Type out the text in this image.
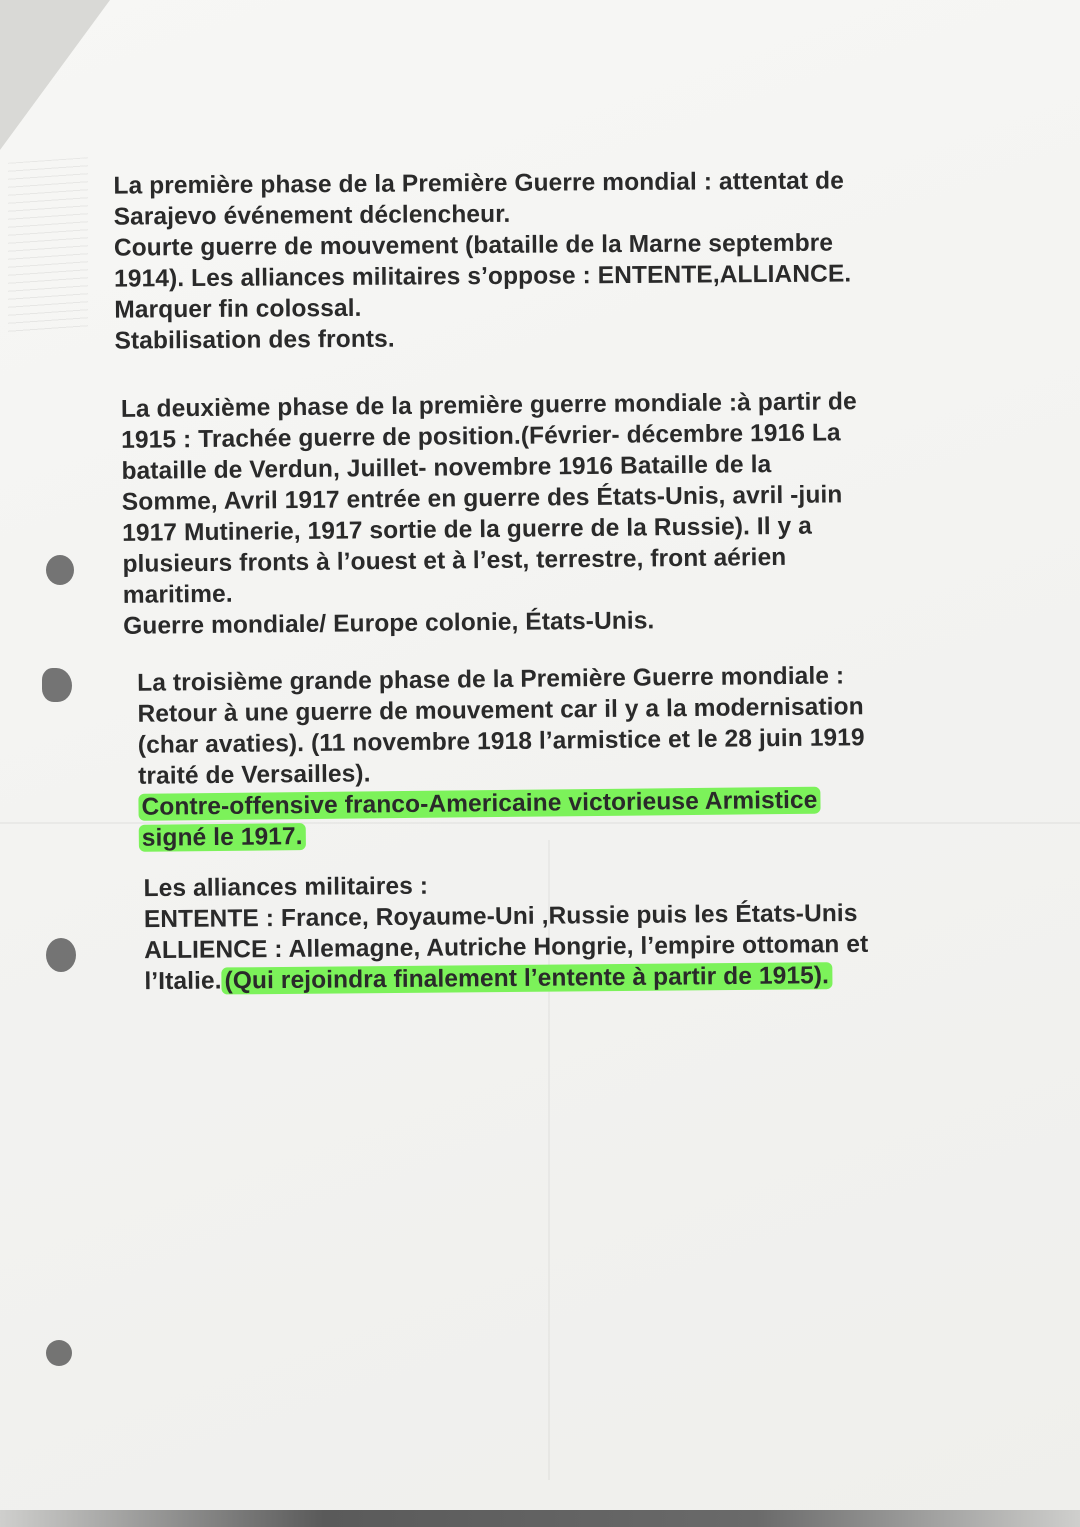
La première phase de la Première Guerre mondial : attentat de
Sarajevo événement déclencheur.
Courte guerre de mouvement (bataille de la Marne septembre
1914). Les alliances militaires s’oppose : ENTENTE,ALLIANCE.
Marquer fin colossal.
Stabilisation des fronts.
La deuxième phase de la première guerre mondiale :à partir de
1915 : Trachée guerre de position.(Février- décembre 1916 La
bataille de Verdun, Juillet- novembre 1916 Bataille de la
Somme, Avril 1917 entrée en guerre des États-Unis, avril -juin
1917 Mutinerie, 1917 sortie de la guerre de la Russie). Il y a
plusieurs fronts à l’ouest et à l’est, terrestre, front aérien
maritime.
Guerre mondiale/ Europe colonie, États-Unis.
La troisième grande phase de la Première Guerre mondiale :
Retour à une guerre de mouvement car il y a la modernisation
(char avaties). (11 novembre 1918 l’armistice et le 28 juin 1919
traité de Versailles).
Contre-offensive franco-Americaine victorieuse Armistice
signé le 1917.
Les alliances militaires :
ENTENTE : France, Royaume-Uni ,Russie puis les États-Unis
ALLIENCE : Allemagne, Autriche Hongrie, l’empire ottoman et
l’Italie. (Qui rejoindra finalement l’entente à partir de 1915).
